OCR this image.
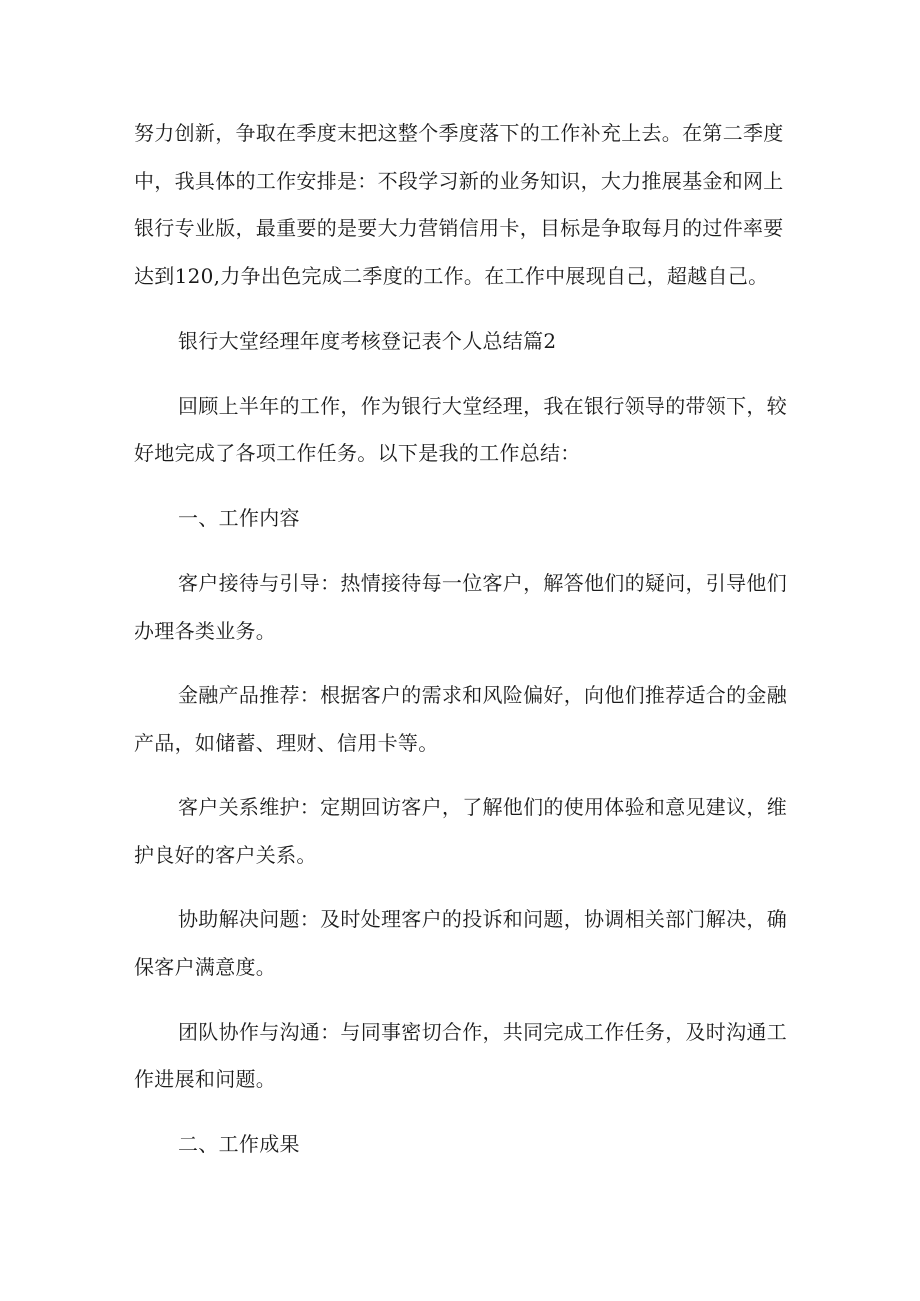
努力创新，争取在季度末把这整个季度落下的工作补充上去。在第二季度
中，我具体的工作安排是：不段学习新的业务知识，大力推展基金和网上
银行专业版，最重要的是要大力营销信用卡，目标是争取每月的过件率要
达到120,力争出色完成二季度的工作。在工作中展现自己，超越自己。
银行大堂经理年度考核登记表个人总结篇2
回顾上半年的工作，作为银行大堂经理，我在银行领导的带领下，较
好地完成了各项工作任务。以下是我的工作总结：
一、工作内容
客户接待与引导：热情接待每一位客户，解答他们的疑问，引导他们
办理各类业务。
金融产品推荐：根据客户的需求和风险偏好，向他们推荐适合的金融
产品，如储蓄、理财、信用卡等。
客户关系维护：定期回访客户，了解他们的使用体验和意见建议，维
护良好的客户关系。
协助解决问题：及时处理客户的投诉和问题，协调相关部门解决，确
保客户满意度。
团队协作与沟通：与同事密切合作，共同完成工作任务，及时沟通工
作进展和问题。
二、工作成果
